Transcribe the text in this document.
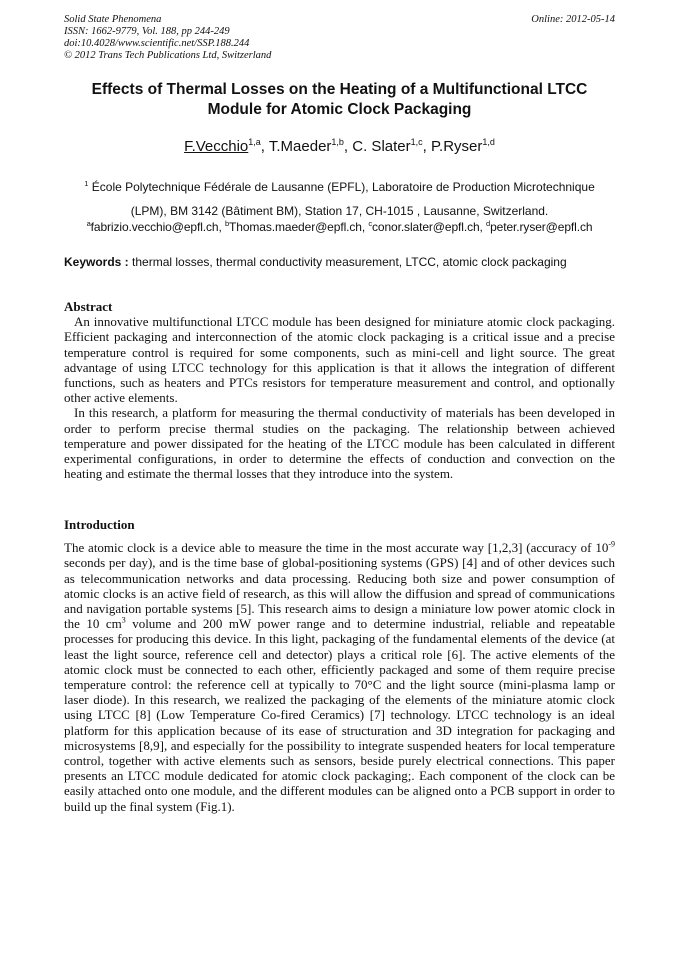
Solid State Phenomena
ISSN: 1662-9779, Vol. 188, pp 244-249
doi:10.4028/www.scientific.net/SSP.188.244
© 2012 Trans Tech Publications Ltd, Switzerland
Online: 2012-05-14
Effects of Thermal Losses on the Heating of a Multifunctional LTCC Module for Atomic Clock Packaging
F.Vecchio$^{1,a}$, T.Maeder$^{1,b}$, C. Slater$^{1,c}$, P.Ryser$^{1,d}$
$^1$ École Polytechnique Fédérale de Lausanne (EPFL), Laboratoire de Production Microtechnique
(LPM), BM 3142 (Bâtiment BM), Station 17, CH-1015 , Lausanne, Switzerland.
$^a$fabrizio.vecchio@epfl.ch, $^b$Thomas.maeder@epfl.ch, $^c$conor.slater@epfl.ch, $^d$peter.ryser@epfl.ch
Keywords : thermal losses, thermal conductivity measurement, LTCC, atomic clock packaging
Abstract

An innovative multifunctional LTCC module has been designed for miniature atomic clock packaging. Efficient packaging and interconnection of the atomic clock packaging is a critical issue and a precise temperature control is required for some components, such as mini-cell and light source. The great advantage of using LTCC technology for this application is that it allows the integration of different functions, such as heaters and PTCs resistors for temperature measurement and control, and optionally other active elements.

In this research, a platform for measuring the thermal conductivity of materials has been developed in order to perform precise thermal studies on the packaging. The relationship between achieved temperature and power dissipated for the heating of the LTCC module has been calculated in different experimental configurations, in order to determine the effects of conduction and convection on the heating and estimate the thermal losses that they introduce into the system.

Introduction

The atomic clock is a device able to measure the time in the most accurate way [1,2,3] (accuracy of $10^{-9}$ seconds per day), and is the time base of global-positioning systems (GPS) [4] and of other devices such as telecommunication networks and data processing. Reducing both size and power consumption of atomic clocks is an active field of research, as this will allow the diffusion and spread of communications and navigation portable systems [5]. This research aims to design a miniature low power atomic clock in the 10 $cm^3$ volume and 200 mW power range and to determine industrial, reliable and repeatable processes for producing this device. In this light, packaging of the fundamental elements of the device (at least the light source, reference cell and detector) plays a critical role [6]. The active elements of the atomic clock must be connected to each other, efficiently packaged and some of them require precise temperature control: the reference cell at typically to 70°C and the light source (mini-plasma lamp or laser diode). In this research, we realized the packaging of the elements of the miniature atomic clock using LTCC [8] (Low Temperature Co-fired Ceramics) [7] technology. LTCC technology is an ideal platform for this application because of its ease of structuration and 3D integration for packaging and microsystems [8,9], and especially for the possibility to integrate suspended heaters for local temperature control, together with active elements such as sensors, beside purely electrical connections. This paper presents an LTCC module dedicated for atomic clock packaging;. Each component of the clock can be easily attached onto one module, and the different modules can be aligned onto a PCB support in order to build up the final system (Fig.1).
